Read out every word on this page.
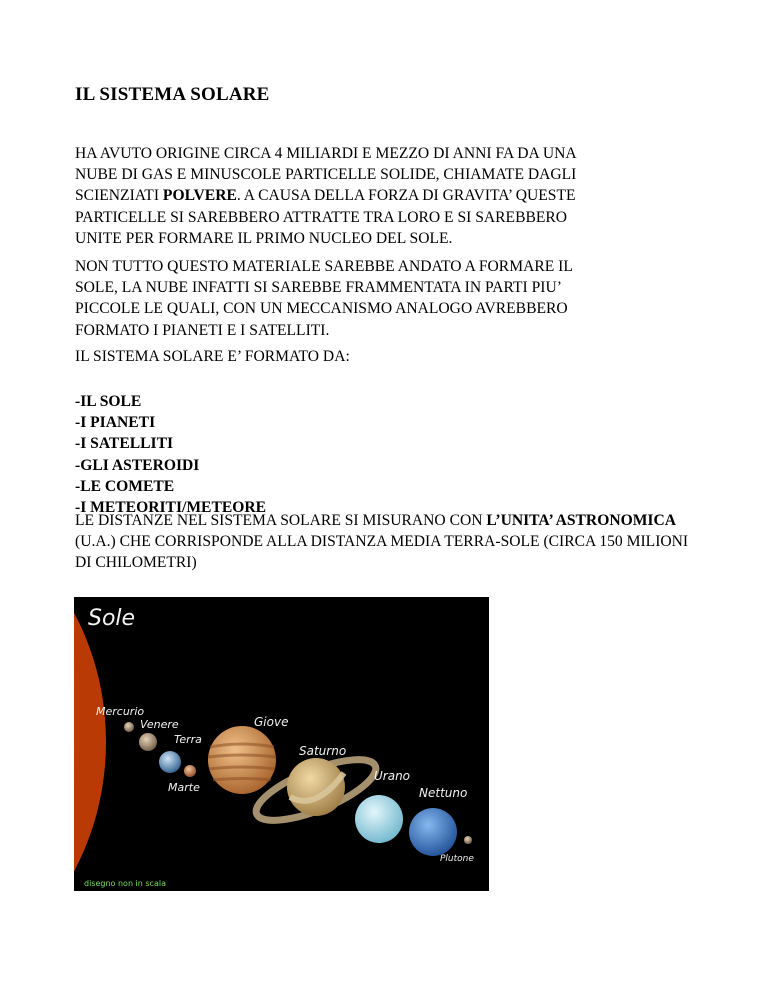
IL SISTEMA SOLARE

HA AVUTO ORIGINE CIRCA 4 MILIARDI E MEZZO DI ANNI FA DA UNA
NUBE DI GAS E MINUSCOLE PARTICELLE SOLIDE, CHIAMATE DAGLI
SCIENZIATI POLVERE. A CAUSA DELLA FORZA DI GRAVITA’ QUESTE
PARTICELLE SI SAREBBERO ATTRATTE TRA LORO E SI SAREBBERO
UNITE PER FORMARE IL PRIMO NUCLEO DEL SOLE.

NON TUTTO QUESTO MATERIALE SAREBBE ANDATO A FORMARE IL
SOLE, LA NUBE INFATTI SI SAREBBE FRAMMENTATA IN PARTI PIU’
PICCOLE LE QUALI, CON UN MECCANISMO ANALOGO AVREBBERO
FORMATO I PIANETI E I SATELLITI.

IL SISTEMA SOLARE E’ FORMATO DA:

-IL SOLE
-I PIANETI
-I SATELLITI
-GLI ASTEROIDI
-LE COMETE
-I METEORITI/METEORE

LE DISTANZE NEL SISTEMA SOLARE SI MISURANO CON L’UNITA’ ASTRONOMICA (U.A.) CHE CORRISPONDE ALLA DISTANZA MEDIA TERRA-SOLE (CIRCA 150 MILIONI DI CHILOMETRI)

Sole
Mercurio
Venere
Terra
Marte
Giove
Saturno
Urano
Nettuno
Plutone
disegno non in scala
